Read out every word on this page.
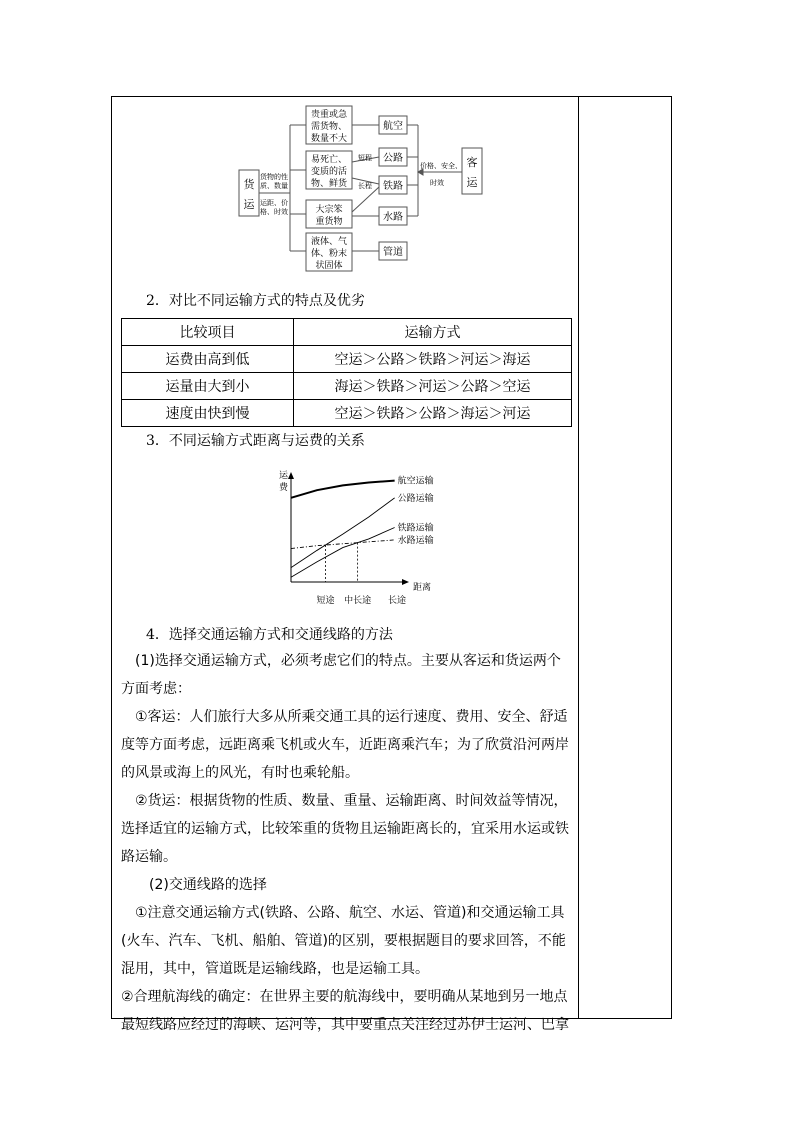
货
运
货物的性
质、数量
运距、价
格、时效
贵重或急
需货物、
数量不大
易死亡、
变质的活
物、鲜货
大宗笨
重货物
液体、气
体、粉末
状固体
短程
长程
航空
公路
铁路
水路
管道
价格、安全、
时效
客
运
2．对比不同运输方式的特点及优劣
比较项目	运输方式
运费由高到低	空运＞公路＞铁路＞河运＞海运
运量由大到小	海运＞铁路＞河运＞公路＞空运
速度由快到慢	空运＞铁路＞公路＞海运＞河运
3．不同运输方式距离与运费的关系
运
费
距离
航空运输
公路运输
铁路运输
水路运输
短途 中长途 长途
4．选择交通运输方式和交通线路的方法

(1)选择交通运输方式，必须考虑它们的特点。主要从客运和货运两个方面考虑：

①客运：人们旅行大多从所乘交通工具的运行速度、费用、安全、舒适度等方面考虑，远距离乘飞机或火车，近距离乘汽车；为了欣赏沿河两岸的风景或海上的风光，有时也乘轮船。

②货运：根据货物的性质、数量、重量、运输距离、时间效益等情况，选择适宜的运输方式，比较笨重的货物且运输距离长的，宜采用水运或铁路运输。

(2)交通线路的选择

①注意交通运输方式(铁路、公路、航空、水运、管道)和交通运输工具(火车、汽车、飞机、船舶、管道)的区别，要根据题目的要求回答，不能混用，其中，管道既是运输线路，也是运输工具。

②合理航海线的确定：在世界主要的航海线中，要明确从某地到另一地点最短线路应经过的海峡、运河等，其中要重点关注经过苏伊士运河、巴拿
